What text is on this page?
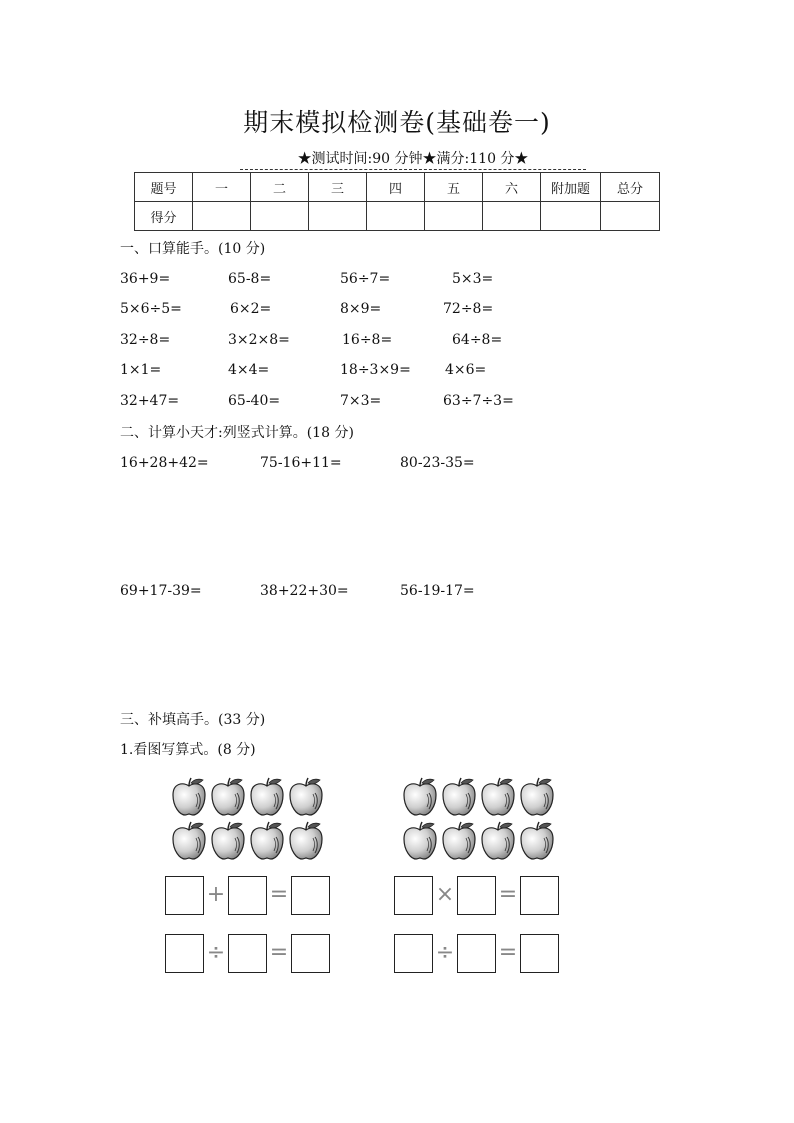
期末模拟检测卷(基础卷一)
★测试时间:90 分钟★满分:110 分★
题号	一	二	三	四	五	六	附加题	总分
得分								
一、口算能手。(10 分)
36+9=	65-8=	56÷7=	5×3=
5×6÷5=	6×2=	8×9=	72÷8=
32÷8=	3×2×8=	16÷8=	64÷8=
1×1=	4×4=	18÷3×9= 4×6=
32+47=	65-40=	7×3=	63÷7÷3=
二、计算小天才:列竖式计算。(18 分)
16+28+42=	75-16+11=	80-23-35=
69+17-39=	38+22+30=	56-19-17=
三、补填高手。(33 分)
1.看图写算式。(8 分)
+ =
÷ =
× =
÷ =
